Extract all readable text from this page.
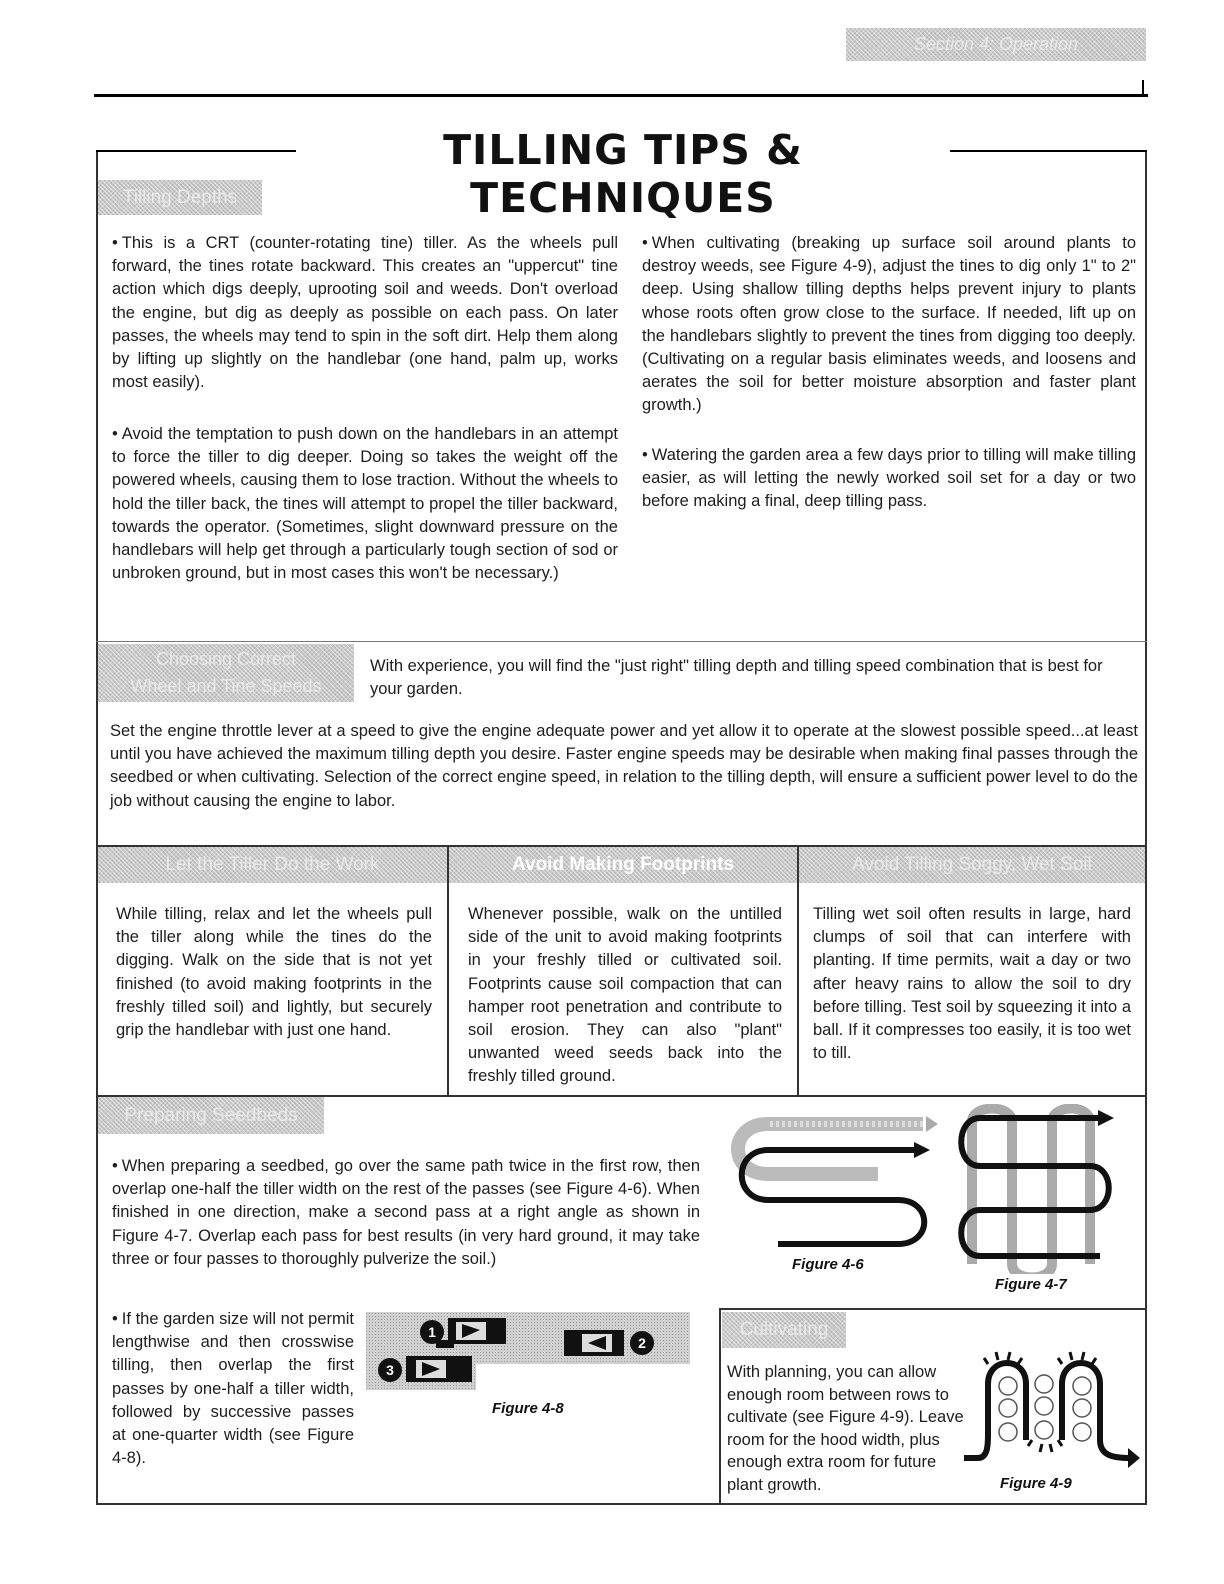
Section 4: Operation
TILLING TIPS & TECHNIQUES
Tilling Depths
• This is a CRT (counter-rotating tine) tiller. As the wheels pull forward, the tines rotate backward. This creates an "uppercut" tine action which digs deeply, uprooting soil and weeds. Don't overload the engine, but dig as deeply as possible on each pass. On later passes, the wheels may tend to spin in the soft dirt. Help them along by lifting up slightly on the handlebar (one hand, palm up, works most easily).
• Avoid the temptation to push down on the handlebars in an attempt to force the tiller to dig deeper. Doing so takes the weight off the powered wheels, causing them to lose traction. Without the wheels to hold the tiller back, the tines will attempt to propel the tiller backward, towards the operator. (Sometimes, slight downward pressure on the handlebars will help get through a particularly tough section of sod or unbroken ground, but in most cases this won't be necessary.)
• When cultivating (breaking up surface soil around plants to destroy weeds, see Figure 4-9), adjust the tines to dig only 1" to 2" deep. Using shallow tilling depths helps prevent injury to plants whose roots often grow close to the surface. If needed, lift up on the handlebars slightly to prevent the tines from digging too deeply. (Cultivating on a regular basis eliminates weeds, and loosens and aerates the soil for better moisture absorption and faster plant growth.)
• Watering the garden area a few days prior to tilling will make tilling easier, as will letting the newly worked soil set for a day or two before making a final, deep tilling pass.
Choosing Correct
Wheel and Tine Speeds
With experience, you will find the "just right" tilling depth and tilling speed combination that is best for your garden.
Set the engine throttle lever at a speed to give the engine adequate power and yet allow it to operate at the slowest possible speed...at least until you have achieved the maximum tilling depth you desire. Faster engine speeds may be desirable when making final passes through the seedbed or when cultivating. Selection of the correct engine speed, in relation to the tilling depth, will ensure a sufficient power level to do the job without causing the engine to labor.
Let the Tiller Do the Work	Avoid Making Footprints	Avoid Tilling Soggy, Wet Soil
While tilling, relax and let the wheels pull the tiller along while the tines do the digging. Walk on the side that is not yet finished (to avoid making footprints in the freshly tilled soil) and lightly, but securely grip the handlebar with just one hand.
Whenever possible, walk on the untilled side of the unit to avoid making footprints in your freshly tilled or cultivated soil. Footprints cause soil compaction that can hamper root penetration and contribute to soil erosion. They can also "plant" unwanted weed seeds back into the freshly tilled ground.
Tilling wet soil often results in large, hard clumps of soil that can interfere with planting. If time permits, wait a day or two after heavy rains to allow the soil to dry before tilling. Test soil by squeezing it into a ball. If it compresses too easily, it is too wet to till.
Preparing Seedbeds
• When preparing a seedbed, go over the same path twice in the first row, then overlap one-half the tiller width on the rest of the passes (see Figure 4-6). When finished in one direction, make a second pass at a right angle as shown in Figure 4-7. Overlap each pass for best results (in very hard ground, it may take three or four passes to thoroughly pulverize the soil.)
• If the garden size will not permit lengthwise and then crosswise tilling, then overlap the first passes by one-half a tiller width, followed by successive passes at one-quarter width (see Figure 4-8).
Figure 4-6
Figure 4-7
1
2
3
Figure 4-8
Cultivating
With planning, you can allow enough room between rows to cultivate (see Figure 4-9). Leave room for the hood width, plus enough extra room for future plant growth.	Figure 4-9
